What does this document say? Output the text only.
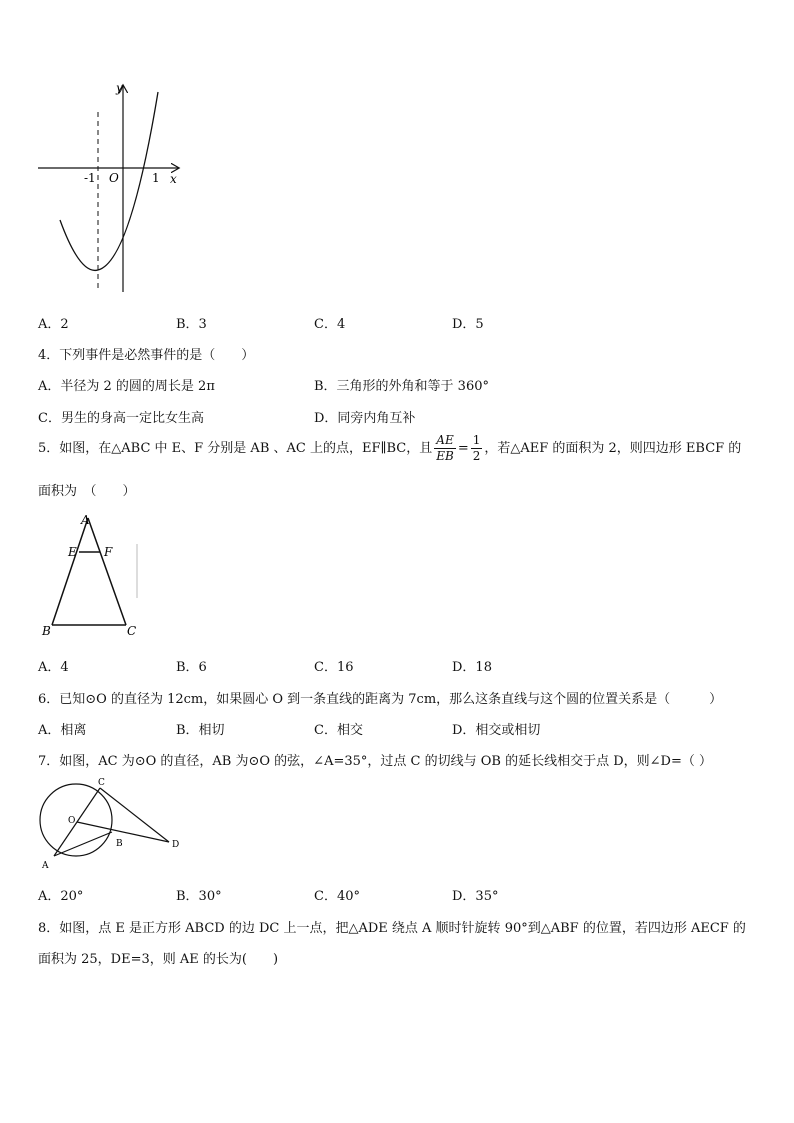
y
x
O
-1	1
A．2	B．3	C．4	D．5
4．下列事件是必然事件的是（　　）
A．半径为 2 的圆的周长是 2π	B．三角形的外角和等于 360°
C．男生的身高一定比女生高	D．同旁内角互补
5．如图，在△ABC 中 E、F 分别是 AB 、AC 上的点，EF∥BC，且 $\frac{AE}{EB} = \frac{1}{2}$ ，若△AEF 的面积为 2，则四边形 EBCF 的
面积为　（　　）
A
E F
B	C
A．4	B．6	C．16	D．18
6．已知⊙O 的直径为 12cm，如果圆心 O 到一条直线的距离为 7cm，那么这条直线与这个圆的位置关系是（　　　）
A．相离	B．相切	C．相交	D．相交或相切
7．如图，AC 为⊙O 的直径，AB 为⊙O 的弦，∠A=35°，过点 C 的切线与 OB 的延长线相交于点 D，则∠D=（ ）
C
O
B
A
D
A．20°	B．30°	C．40°	D．35°
8．如图，点 E 是正方形 ABCD 的边 DC 上一点，把△ADE 绕点 A 顺时针旋转 90°到△ABF 的位置，若四边形 AECF 的
面积为 25，DE=3，则 AE 的长为(　　)
